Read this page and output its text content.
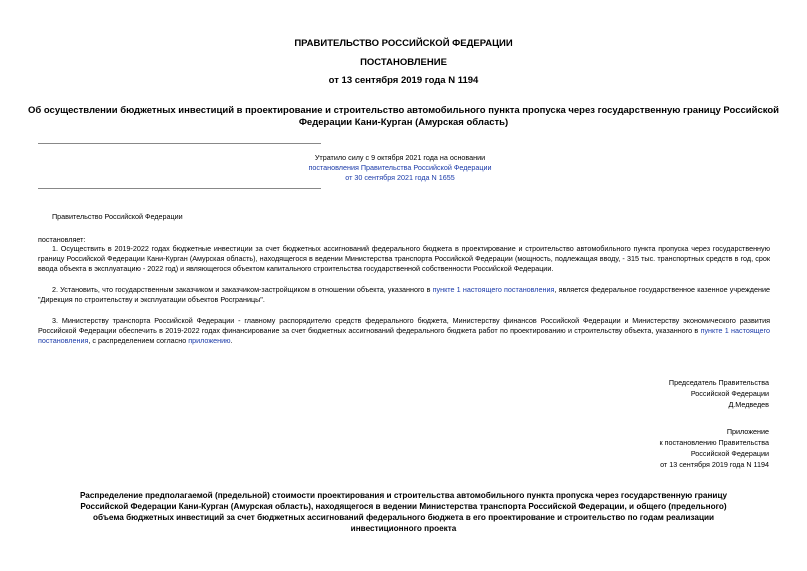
ПРАВИТЕЛЬСТВО РОССИЙСКОЙ ФЕДЕРАЦИИ
ПОСТАНОВЛЕНИЕ
от 13 сентября 2019 года N 1194
Об осуществлении бюджетных инвестиций в проектирование и строительство автомобильного пункта пропуска через государственную границу Российской
Федерации Кани-Курган (Амурская область)
Утратило силу с 9 октября 2021 года на основании
постановления Правительства Российской Федерации
от 30 сентября 2021 года N 1655
Правительство Российской Федерации
постановляет:
1. Осуществить в 2019-2022 годах бюджетные инвестиции за счет бюджетных ассигнований федерального бюджета в проектирование и строительство автомобильного пункта пропуска через государственную границу Российской Федерации Кани-Курган (Амурская область), находящегося в ведении Министерства транспорта Российской Федерации (мощность, подлежащая вводу, - 315 тыс. транспортных средств в год, срок ввода объекта в эксплуатацию - 2022 год) и являющегося объектом капитального строительства государственной собственности Российской Федерации.
2. Установить, что государственным заказчиком и заказчиком-застройщиком в отношении объекта, указанного в пункте 1 настоящего постановления, является федеральное государственное казенное учреждение "Дирекция по строительству и эксплуатации объектов Росграницы".
3. Министерству транспорта Российской Федерации - главному распорядителю средств федерального бюджета, Министерству финансов Российской Федерации и Министерству экономического развития Российской Федерации обеспечить в 2019-2022 годах финансирование за счет бюджетных ассигнований федерального бюджета работ по проектированию и строительству объекта, указанного в пункте 1 настоящего постановления, с распределением согласно приложению.
Председатель Правительства
Российской Федерации
Д.Медведев
Приложение
к постановлению Правительства
Российской Федерации
от 13 сентября 2019 года N 1194
Распределение предполагаемой (предельной) стоимости проектирования и строительства автомобильного пункта пропуска через государственную границу
Российской Федерации Кани-Курган (Амурская область), находящегося в ведении Министерства транспорта Российской Федерации, и общего (предельного)
объема бюджетных инвестиций за счет бюджетных ассигнований федерального бюджета в его проектирование и строительство по годам реализации
инвестиционного проекта
